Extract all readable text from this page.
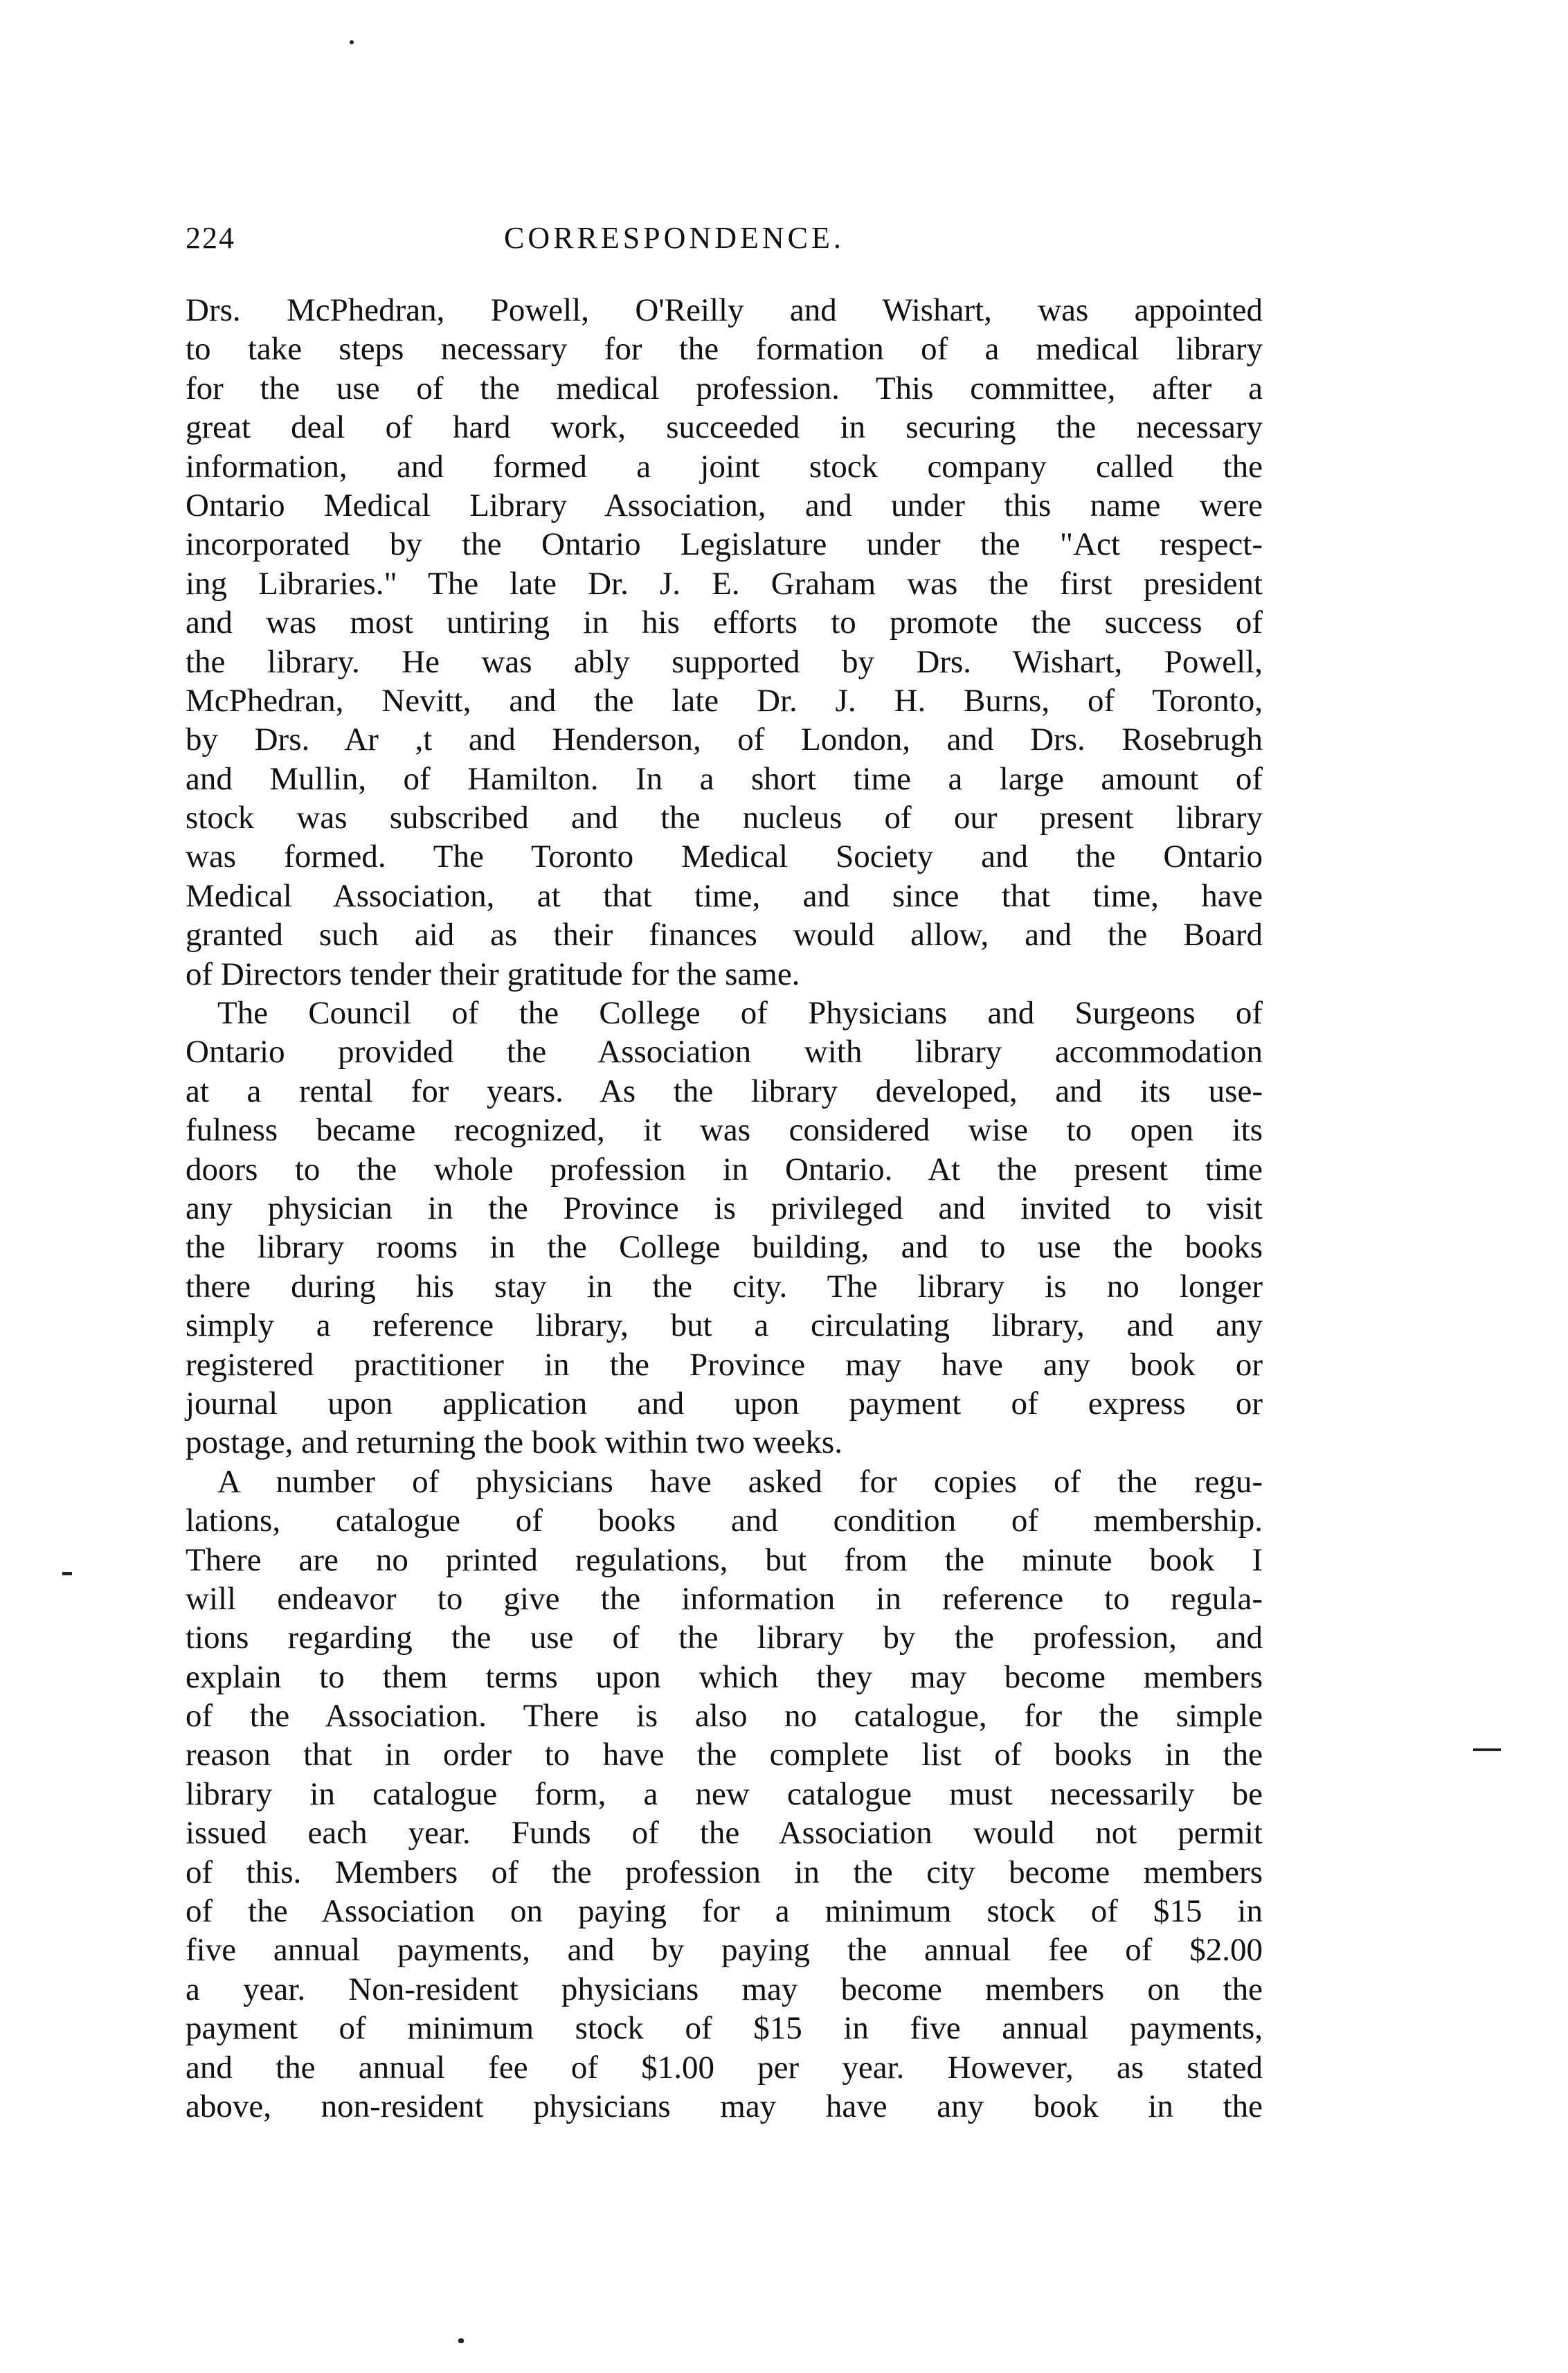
224	CORRESPONDENCE.
Drs. McPhedran, Powell, O'Reilly and Wishart, was appointed
to take steps necessary for the formation of a medical library
for the use of the medical profession. This committee, after a
great deal of hard work, succeeded in securing the necessary
information, and formed a joint stock company called the
Ontario Medical Library Association, and under this name were
incorporated by the Ontario Legislature under the "Act respect-
ing Libraries." The late Dr. J. E. Graham was the first president
and was most untiring in his efforts to promote the success of
the library. He was ably supported by Drs. Wishart, Powell,
McPhedran, Nevitt, and the late Dr. J. H. Burns, of Toronto,
by Drs. Ar ,t and Henderson, of London, and Drs. Rosebrugh
and Mullin, of Hamilton. In a short time a large amount of
stock was subscribed and the nucleus of our present library
was formed. The Toronto Medical Society and the Ontario
Medical Association, at that time, and since that time, have
granted such aid as their finances would allow, and the Board
of Directors tender their gratitude for the same.
The Council of the College of Physicians and Surgeons of
Ontario provided the Association with library accommodation
at a rental for years. As the library developed, and its use-
fulness became recognized, it was considered wise to open its
doors to the whole profession in Ontario. At the present time
any physician in the Province is privileged and invited to visit
the library rooms in the College building, and to use the books
there during his stay in the city. The library is no longer
simply a reference library, but a circulating library, and any
registered practitioner in the Province may have any book or
journal upon application and upon payment of express or
postage, and returning the book within two weeks.
A number of physicians have asked for copies of the regu-
lations, catalogue of books and condition of membership.
There are no printed regulations, but from the minute book I
will endeavor to give the information in reference to regula-
tions regarding the use of the library by the profession, and
explain to them terms upon which they may become members
of the Association. There is also no catalogue, for the simple
reason that in order to have the complete list of books in the
library in catalogue form, a new catalogue must necessarily be
issued each year. Funds of the Association would not permit
of this. Members of the profession in the city become members
of the Association on paying for a minimum stock of $15 in
five annual payments, and by paying the annual fee of $2.00
a year. Non-resident physicians may become members on the
payment of minimum stock of $15 in five annual payments,
and the annual fee of $1.00 per year. However, as stated
above, non-resident physicians may have any book in the
